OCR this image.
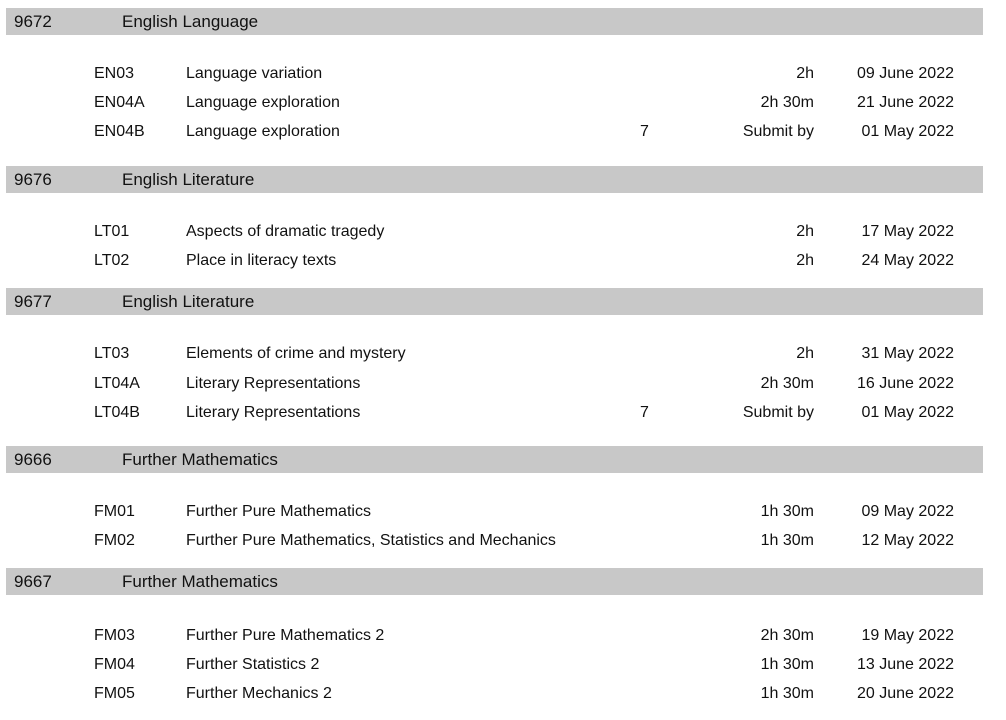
9672	English Language
EN03	Language variation	2h	09 June 2022
EN04A	Language exploration	2h 30m	21 June 2022
EN04B	Language exploration	7	Submit by	01 May 2022
9676	English Literature
LT01	Aspects of dramatic tragedy	2h	17 May 2022
LT02	Place in literacy texts	2h	24 May 2022
9677	English Literature
LT03	Elements of crime and mystery	2h	31 May 2022
LT04A	Literary Representations	2h 30m	16 June 2022
LT04B	Literary Representations	7	Submit by	01 May 2022
9666	Further Mathematics
FM01	Further Pure Mathematics	1h 30m	09 May 2022
FM02	Further Pure Mathematics, Statistics and Mechanics	1h 30m	12 May 2022
9667	Further Mathematics
FM03	Further Pure Mathematics 2	2h 30m	19 May 2022
FM04	Further Statistics 2	1h 30m	13 June 2022
FM05	Further Mechanics 2	1h 30m	20 June 2022
